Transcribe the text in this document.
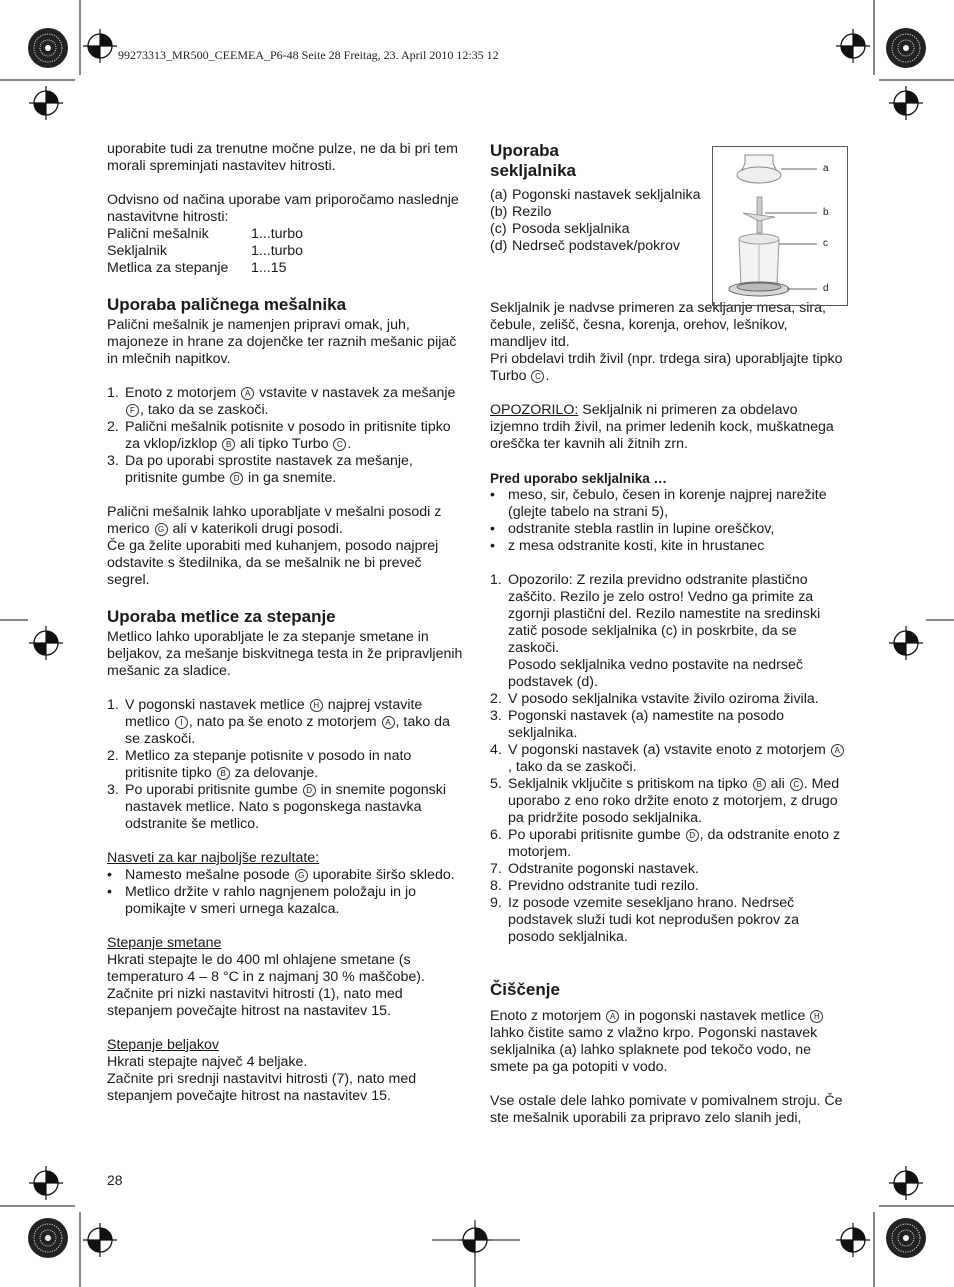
99273313_MR500_CEEMEA_P6-48 Seite 28 Freitag, 23. April 2010 12:35 12

uporabite tudi za trenutne močne pulze, ne da bi pri tem morali spreminjati nastavitev hitrosti.

Odvisno od načina uporabe vam priporočamo naslednje nastavitvne hitrosti:

Palični mešalnik	1...turbo
Sekljalnik	1...turbo
Metlica za stepanje	1...15
Uporaba paličnega mešalnika

Palični mešalnik je namenjen pripravi omak, juh, majoneze in hrane za dojenčke ter raznih mešanic pijač in mlečnih napitkov.

1. Enoto z motorjem A vstavite v nastavek za mešanje F , tako da se zaskoči.
2. Palični mešalnik potisnite v posodo in pritisnite tipko za vklop/izklop B ali tipko Turbo C .
3. Da po uporabi sprostite nastavek za mešanje, pritisnite gumbe D in ga snemite.

Palični mešalnik lahko uporabljate v mešalni posodi z merico G ali v katerikoli drugi posodi.

Če ga želite uporabiti med kuhanjem, posodo najprej odstavite s štedilnika, da se mešalnik ne bi preveč segrel.

Uporaba metlice za stepanje

Metlico lahko uporabljate le za stepanje smetane in beljakov, za mešanje biskvitnega testa in že pripravljenih mešanic za sladice.

1. V pogonski nastavek metlice H najprej vstavite metlico I , nato pa še enoto z motorjem A , tako da se zaskoči.
2. Metlico za stepanje potisnite v posodo in nato pritisnite tipko B za delovanje.
3. Po uporabi pritisnite gumbe D in snemite pogonski nastavek metlice. Nato s pogonskega nastavka odstranite še metlico.

Nasveti za kar najboljše rezultate:

• Namesto mešalne posode G uporabite širšo skledo.
• Metlico držite v rahlo nagnjenem položaju in jo pomikajte v smeri urnega kazalca.

Stepanje smetane

Hkrati stepajte le do 400 ml ohlajene smetane (s temperaturo 4 – 8 °C in z najmanj 30 % maščobe). Začnite pri nizki nastavitvi hitrosti (1), nato med stepanjem povečajte hitrost na nastavitev 15.

Stepanje beljakov

Hkrati stepajte največ 4 beljake.

Začnite pri srednji nastavitvi hitrosti (7), nato med stepanjem povečajte hitrost na nastavitev 15.

Uporaba sekljalnika
(a) Pogonski nastavek sekljalnika
(b) Rezilo
(c) Posoda sekljalnika
(d) Nedrseč podstavek/pokrov

Sekljalnik je nadvse primeren za sekljanje mesa, sira, čebule, zelišč, česna, korenja, orehov, lešnikov, mandljev itd.

Pri obdelavi trdih živil (npr. trdega sira) uporabljajte tipko Turbo C .

OPOZORILO: Sekljalnik ni primeren za obdelavo izjemno trdih živil, na primer ledenih kock, muškatnega oreščka ter kavnih ali žitnih zrn.

Pred uporabo sekljalnika …

• meso, sir, čebulo, česen in korenje najprej narežite (glejte tabelo na strani 5),
• odstranite stebla rastlin in lupine oreščkov,
• z mesa odstranite kosti, kite in hrustanec
1. Opozorilo: Z rezila previdno odstranite plastično zaščito. Rezilo je zelo ostro! Vedno ga primite za zgornji plastični del. Rezilo namestite na sredinski zatič posode sekljalnika (c) in poskrbite, da se zaskoči.
Posodo sekljalnika vedno postavite na nedrseč podstavek (d).
2. V posodo sekljalnika vstavite živilo oziroma živila.
3. Pogonski nastavek (a) namestite na posodo sekljalnika.
4. V pogonski nastavek (a) vstavite enoto z motorjem A, tako da se zaskoči.
5. Sekljalnik vključite s pritiskom na tipko B ali C . Med uporabo z eno roko držite enoto z motorjem, z drugo pa pridržite posodo sekljalnika.
6. Po uporabi pritisnite gumbe D , da odstranite enoto z motorjem.
7. Odstranite pogonski nastavek.
8. Previdno odstranite tudi rezilo.
9. Iz posode vzemite sesekljano hrano. Nedrseč podstavek služi tudi kot neprodušen pokrov za posodo sekljalnika.
Čiščenje

Enoto z motorjem A in pogonski nastavek metlice H lahko čistite samo z vlažno krpo. Pogonski nastavek sekljalnika (a) lahko splaknete pod tekočo vodo, ne smete pa ga potopiti v vodo.

Vse ostale dele lahko pomivate v pomivalnem stroju. Če ste mešalnik uporabili za pripravo zelo slanih jedi,

a
b
c
d
28
